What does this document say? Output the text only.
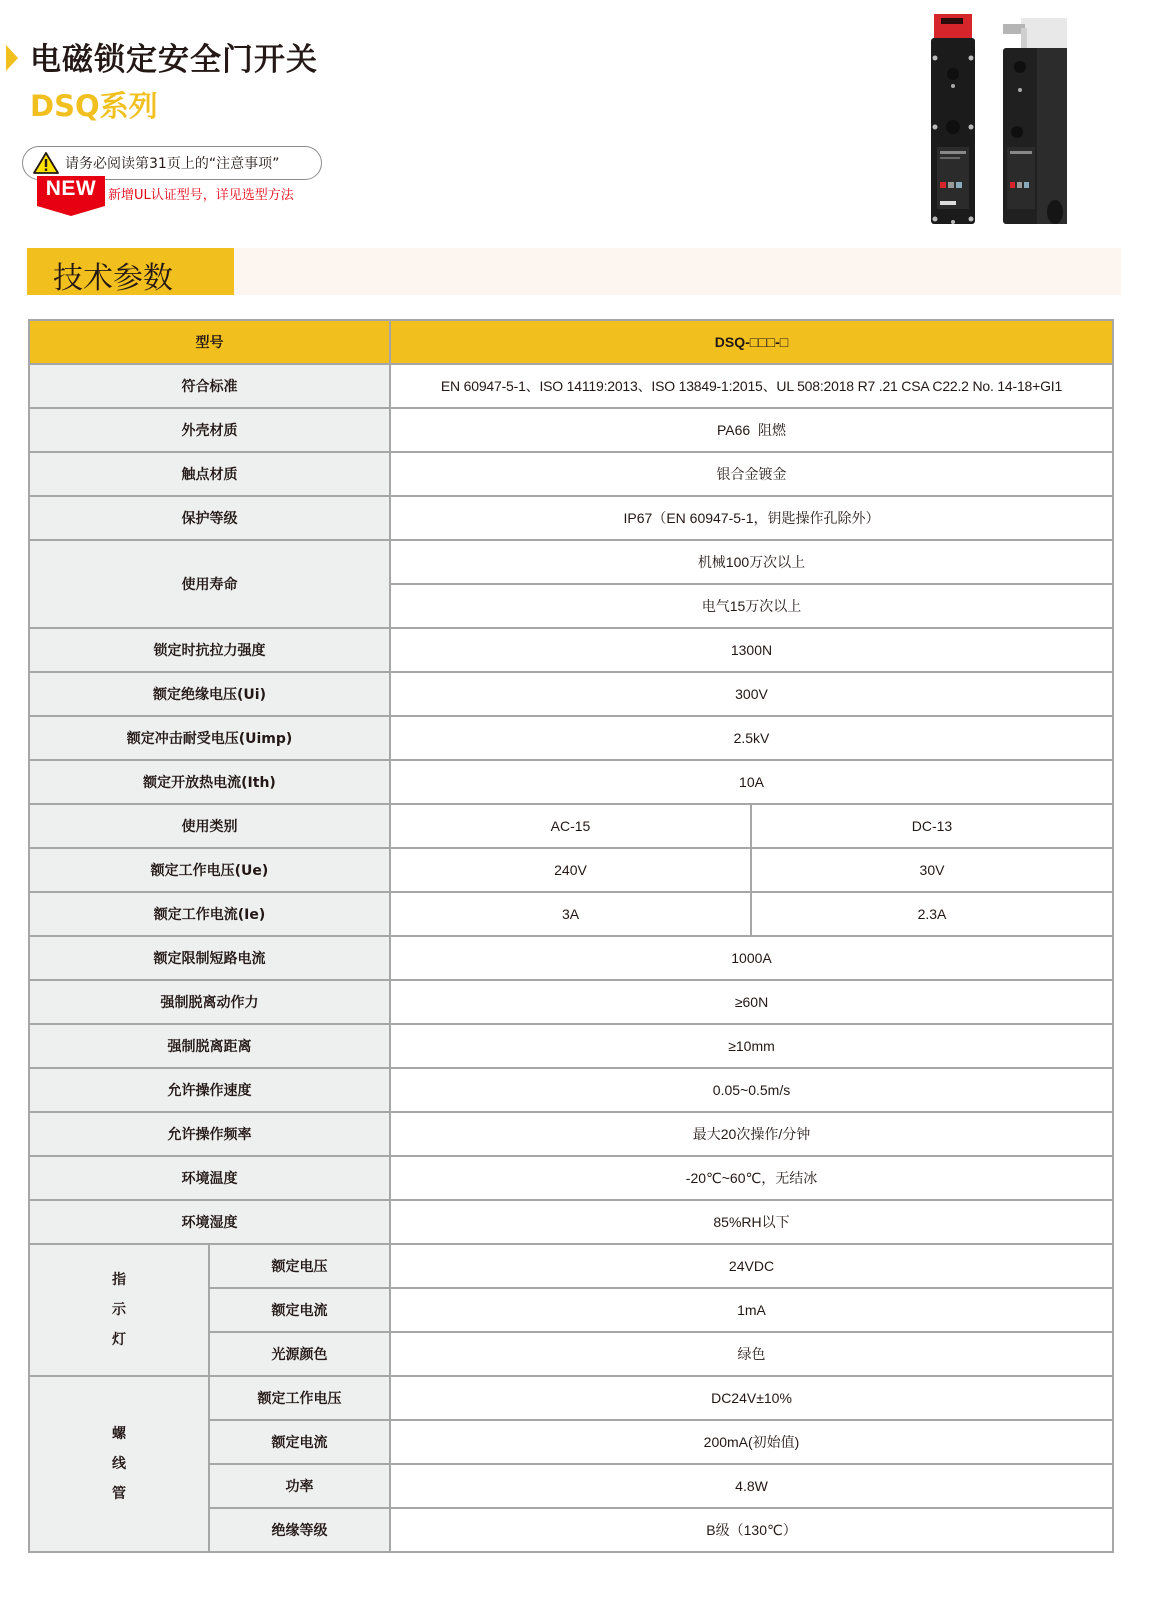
电磁锁定安全门开关
DSQ系列
请务必阅读第31页上的“注意事项”
NEW 新增UL认证型号，详见选型方法
技术参数
型号		DSQ-□□□-□	
符合标准		EN 60947-5-1、ISO 14119:2013、ISO 13849-1:2015、UL 508:2018 R7 .21 CSA C22.2 No. 14-18+GI1	
外壳材质		PA66  阻燃	
触点材质		银合金镀金	
保护等级		IP67（EN 60947-5-1，钥匙操作孔除外）	
使用寿命		机械100万次以上	
		电气15万次以上	
锁定时抗拉力强度		1300N	
额定绝缘电压(Ui)		300V	
额定冲击耐受电压(Uimp)		2.5kV	
额定开放热电流(Ith)		10A	
使用类别		AC-15	DC-13
额定工作电压(Ue)		240V	30V
额定工作电流(Ie)		3A	2.3A
额定限制短路电流		1000A	
强制脱离动作力		≥60N	
强制脱离距离		≥10mm	
允许操作速度		0.05~0.5m/s	
允许操作频率		最大20次操作/分钟	
环境温度		-20℃~60℃，无结冰	
环境湿度		85%RH以下	

指
示
灯	额定电压	24VDC	
	额定电流	1mA	
	光源颜色	绿色	

螺
线
管	额定工作电压	DC24V±10%	
	额定电流	200mA(初始值)	
	功率	4.8W	
	绝缘等级	B级（130℃）	
